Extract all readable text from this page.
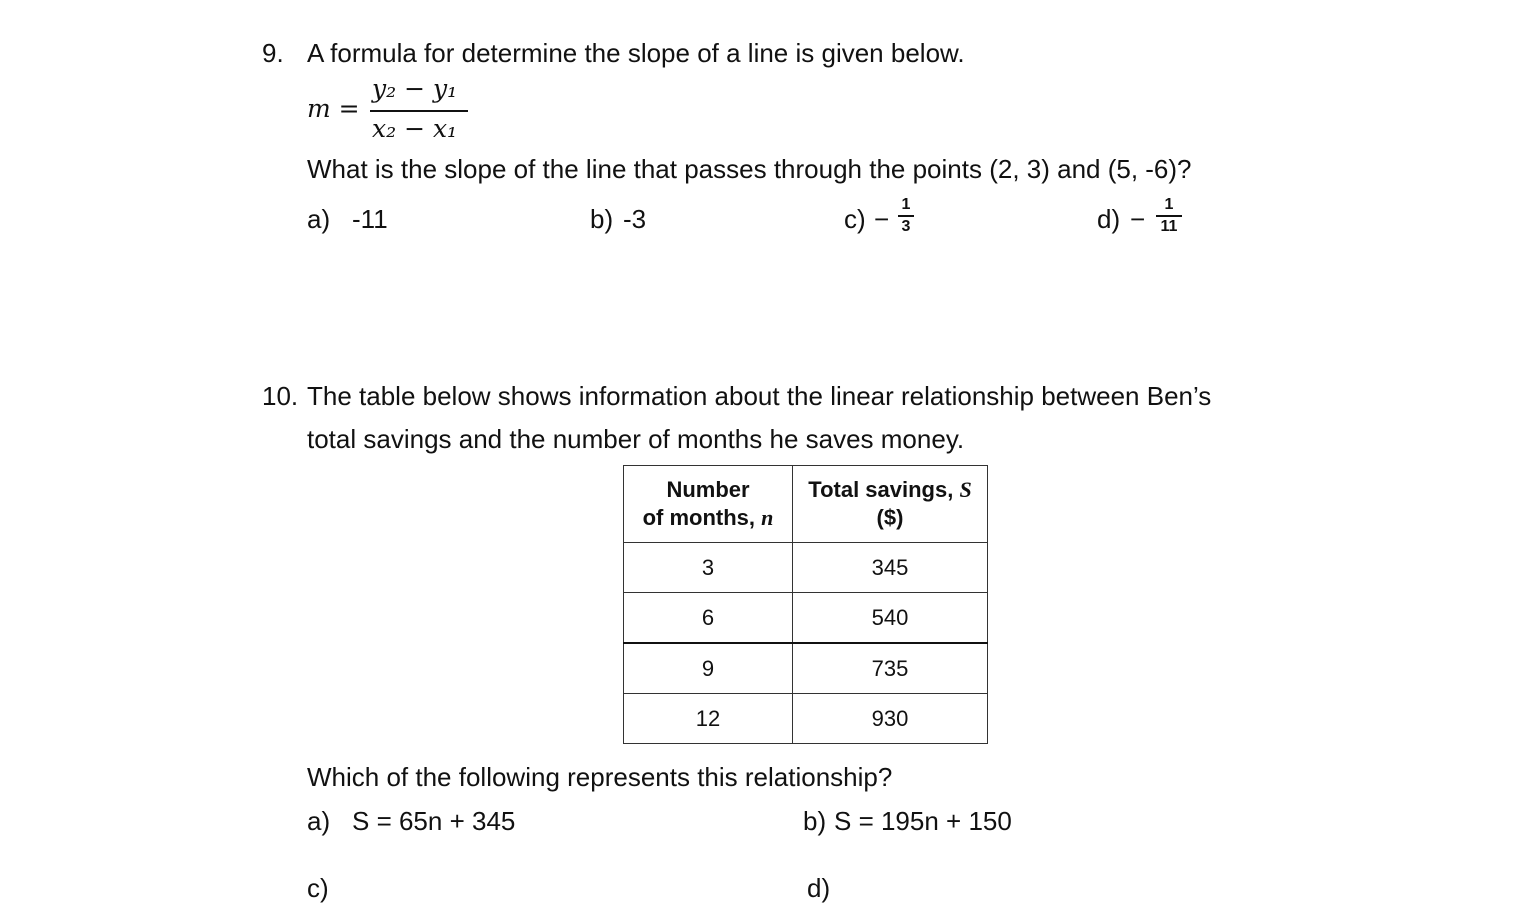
9. A formula for determine the slope of a line is given below.
m =
y₂ − y₁
x₂ − x₁
What is the slope of the line that passes through the points (2, 3) and (5, -6)?
a) -11	b) -3	c) − 1
3	d) −	1
11
10. The table below shows information about the linear relationship between Ben’s
total savings and the number of months he saves money.
Number
of months, n	Total savings, S
($)
3	345
6	540
9	735
12	930
Which of the following represents this relationship?
a) S = 65n + 345	b) S = 195n + 150
c)	d)
